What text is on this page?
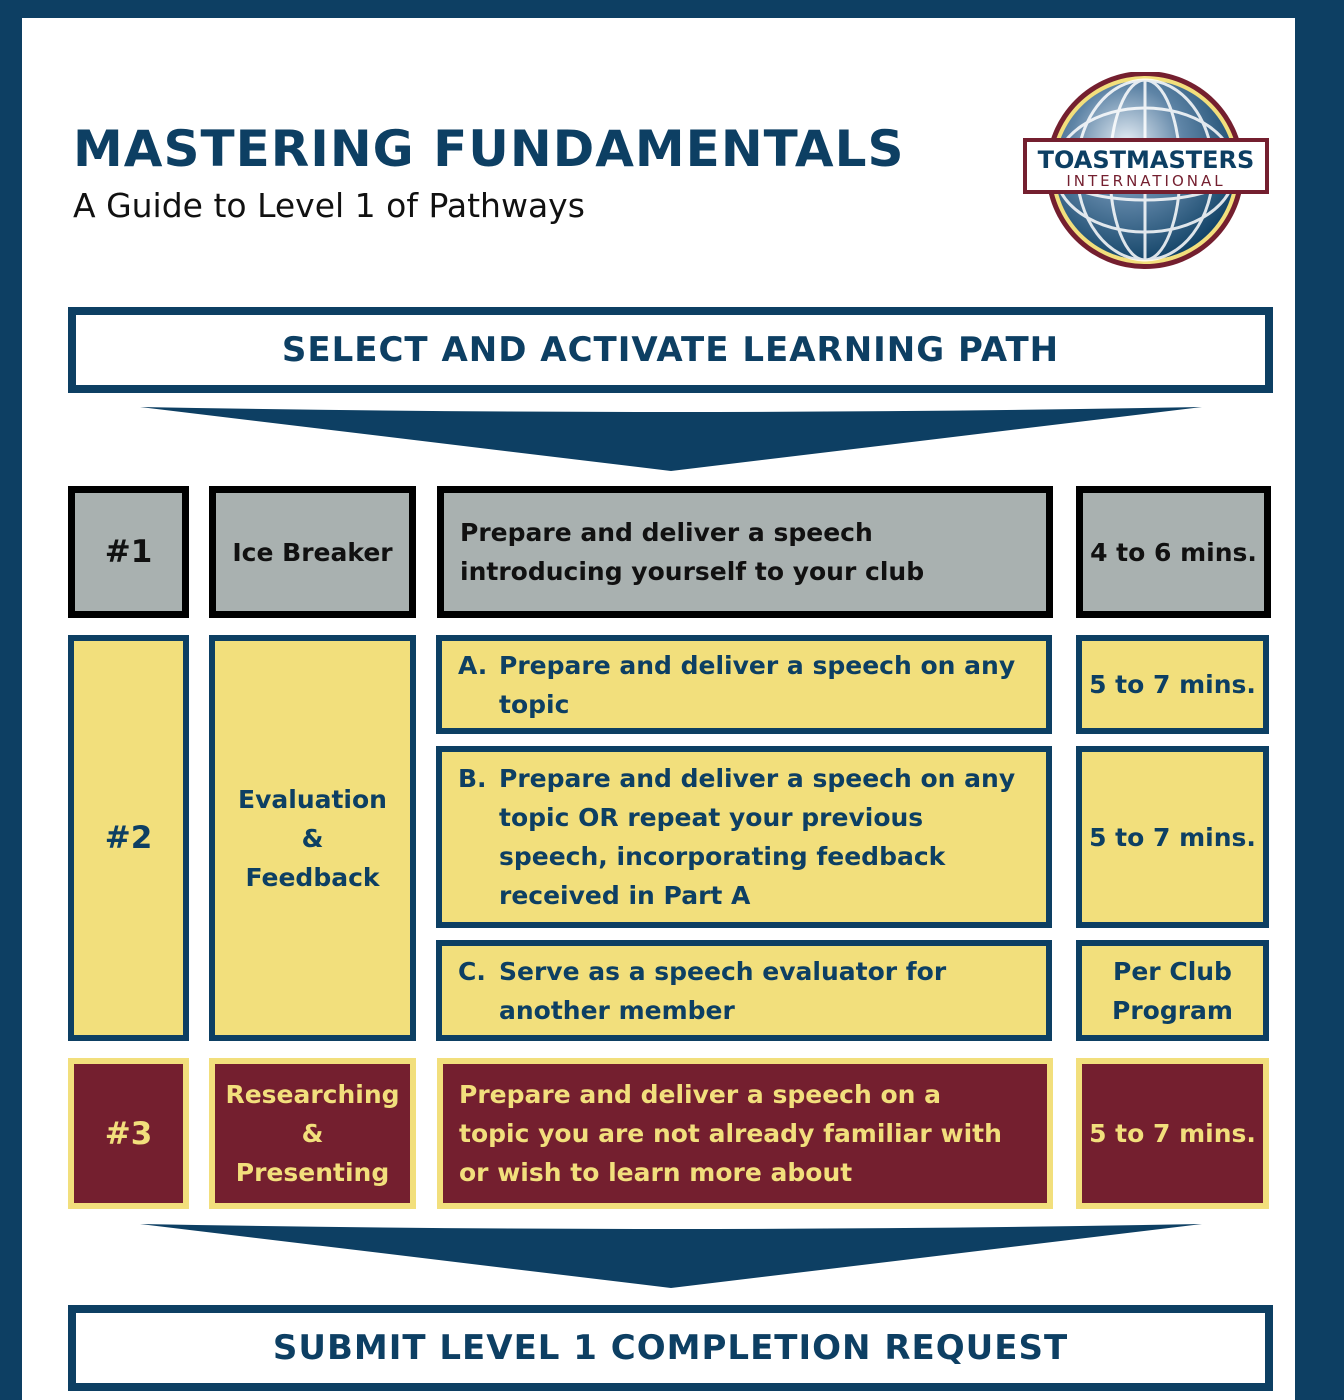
MASTERING FUNDAMENTALS
A Guide to Level 1 of Pathways
TOASTMASTERS
INTERNATIONAL
SELECT AND ACTIVATE LEARNING PATH
#1	Ice Breaker
Prepare and deliver a speech introducing yourself to your club
4 to 6 mins.
#2
Evaluation & Feedback
A. Prepare and deliver a speech on any topic
5 to 7 mins.
B. Prepare and deliver a speech on any topic OR repeat your previous speech, incorporating feedback received in Part A
5 to 7 mins.
C. Serve as a speech evaluator for another member
Per Club Program
#3
Researching & Presenting
Prepare and deliver a speech on a topic you are not already familiar with or wish to learn more about
5 to 7 mins.
SUBMIT LEVEL 1 COMPLETION REQUEST
